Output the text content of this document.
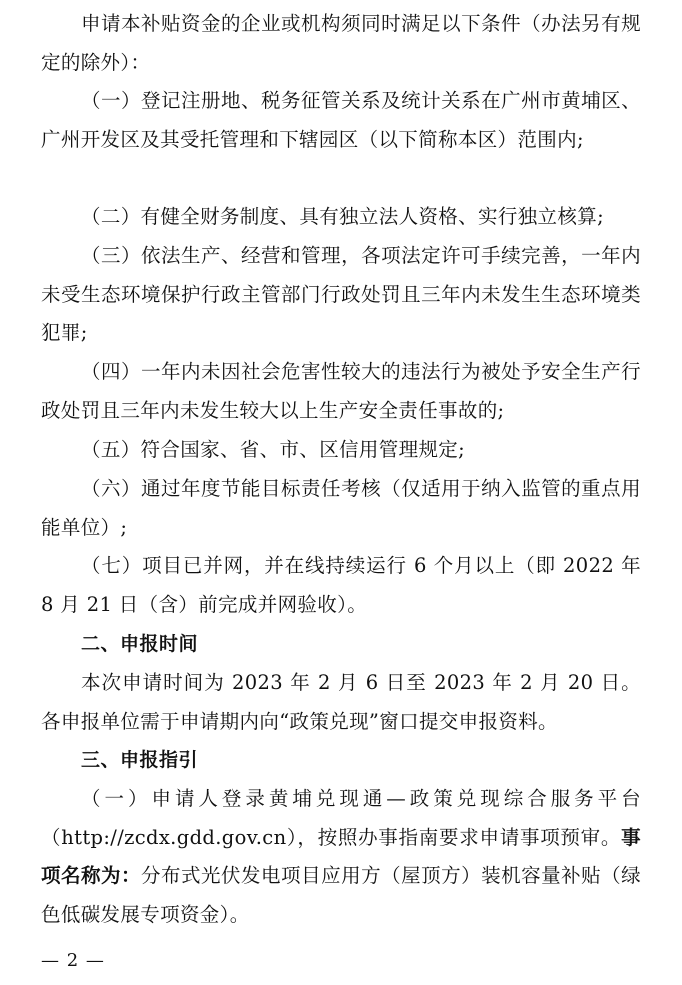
申请本补贴资金的企业或机构须同时满足以下条件（办法另有规定的除外）：

（一）登记注册地、税务征管关系及统计关系在广州市黄埔区、广州开发区及其受托管理和下辖园区（以下简称本区）范围内;

（二）有健全财务制度、具有独立法人资格、实行独立核算;

（三）依法生产、经营和管理，各项法定许可手续完善，一年内未受生态环境保护行政主管部门行政处罚且三年内未发生生态环境类犯罪;

（四）一年内未因社会危害性较大的违法行为被处予安全生产行政处罚且三年内未发生较大以上生产安全责任事故的;

（五）符合国家、省、市、区信用管理规定;

（六）通过年度节能目标责任考核（仅适用于纳入监管的重点用能单位）;

（七）项目已并网，并在线持续运行 6 个月以上（即 2022 年 8 月 21 日（含）前完成并网验收）。

二、申报时间

本次申请时间为 2023 年 2 月 6 日至 2023 年 2 月 20 日。各申报单位需于申请期内向“政策兑现”窗口提交申报资料。

三、申报指引

（一）申请人登录黄埔兑现通—政策兑现综合服务平台（http://zcdx.gdd.gov.cn），按照办事指南要求申请事项预审。事项名称为：分布式光伏发电项目应用方（屋顶方）装机容量补贴（绿色低碳发展专项资金）。

— 2 —
